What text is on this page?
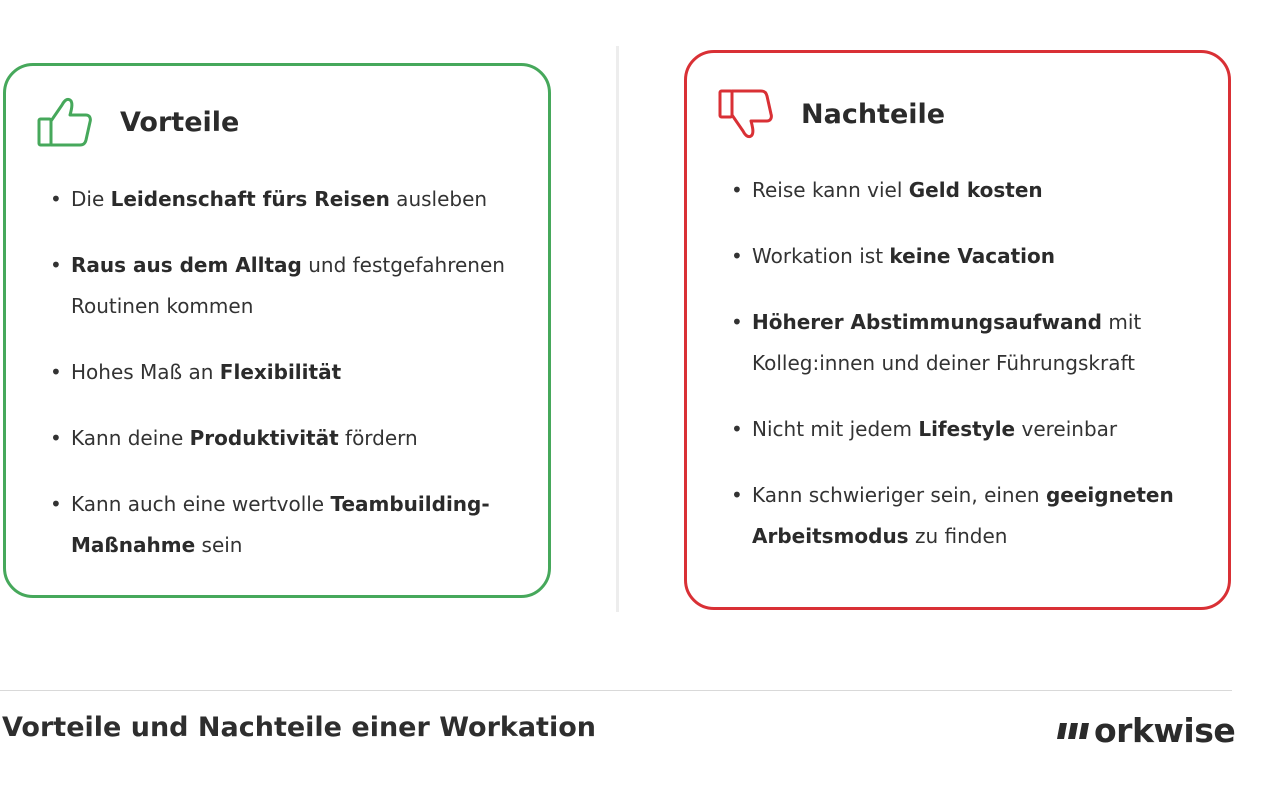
Vorteile
• Die Leidenschaft fürs Reisen ausleben
• Raus aus dem Alltag und festgefahrenen Routinen kommen
• Hohes Maß an Flexibilität
• Kann deine Produktivität fördern
• Kann auch eine wertvolle Teambuilding-Maßnahme sein
Nachteile
• Reise kann viel Geld kosten
• Workation ist keine Vacation
• Höherer Abstimmungsaufwand mit Kolleg:innen und deiner Führungskraft
• Nicht mit jedem Lifestyle vereinbar
• Kann schwieriger sein, einen geeigneten Arbeitsmodus zu finden
Vorteile und Nachteile einer Workation	orkwise
